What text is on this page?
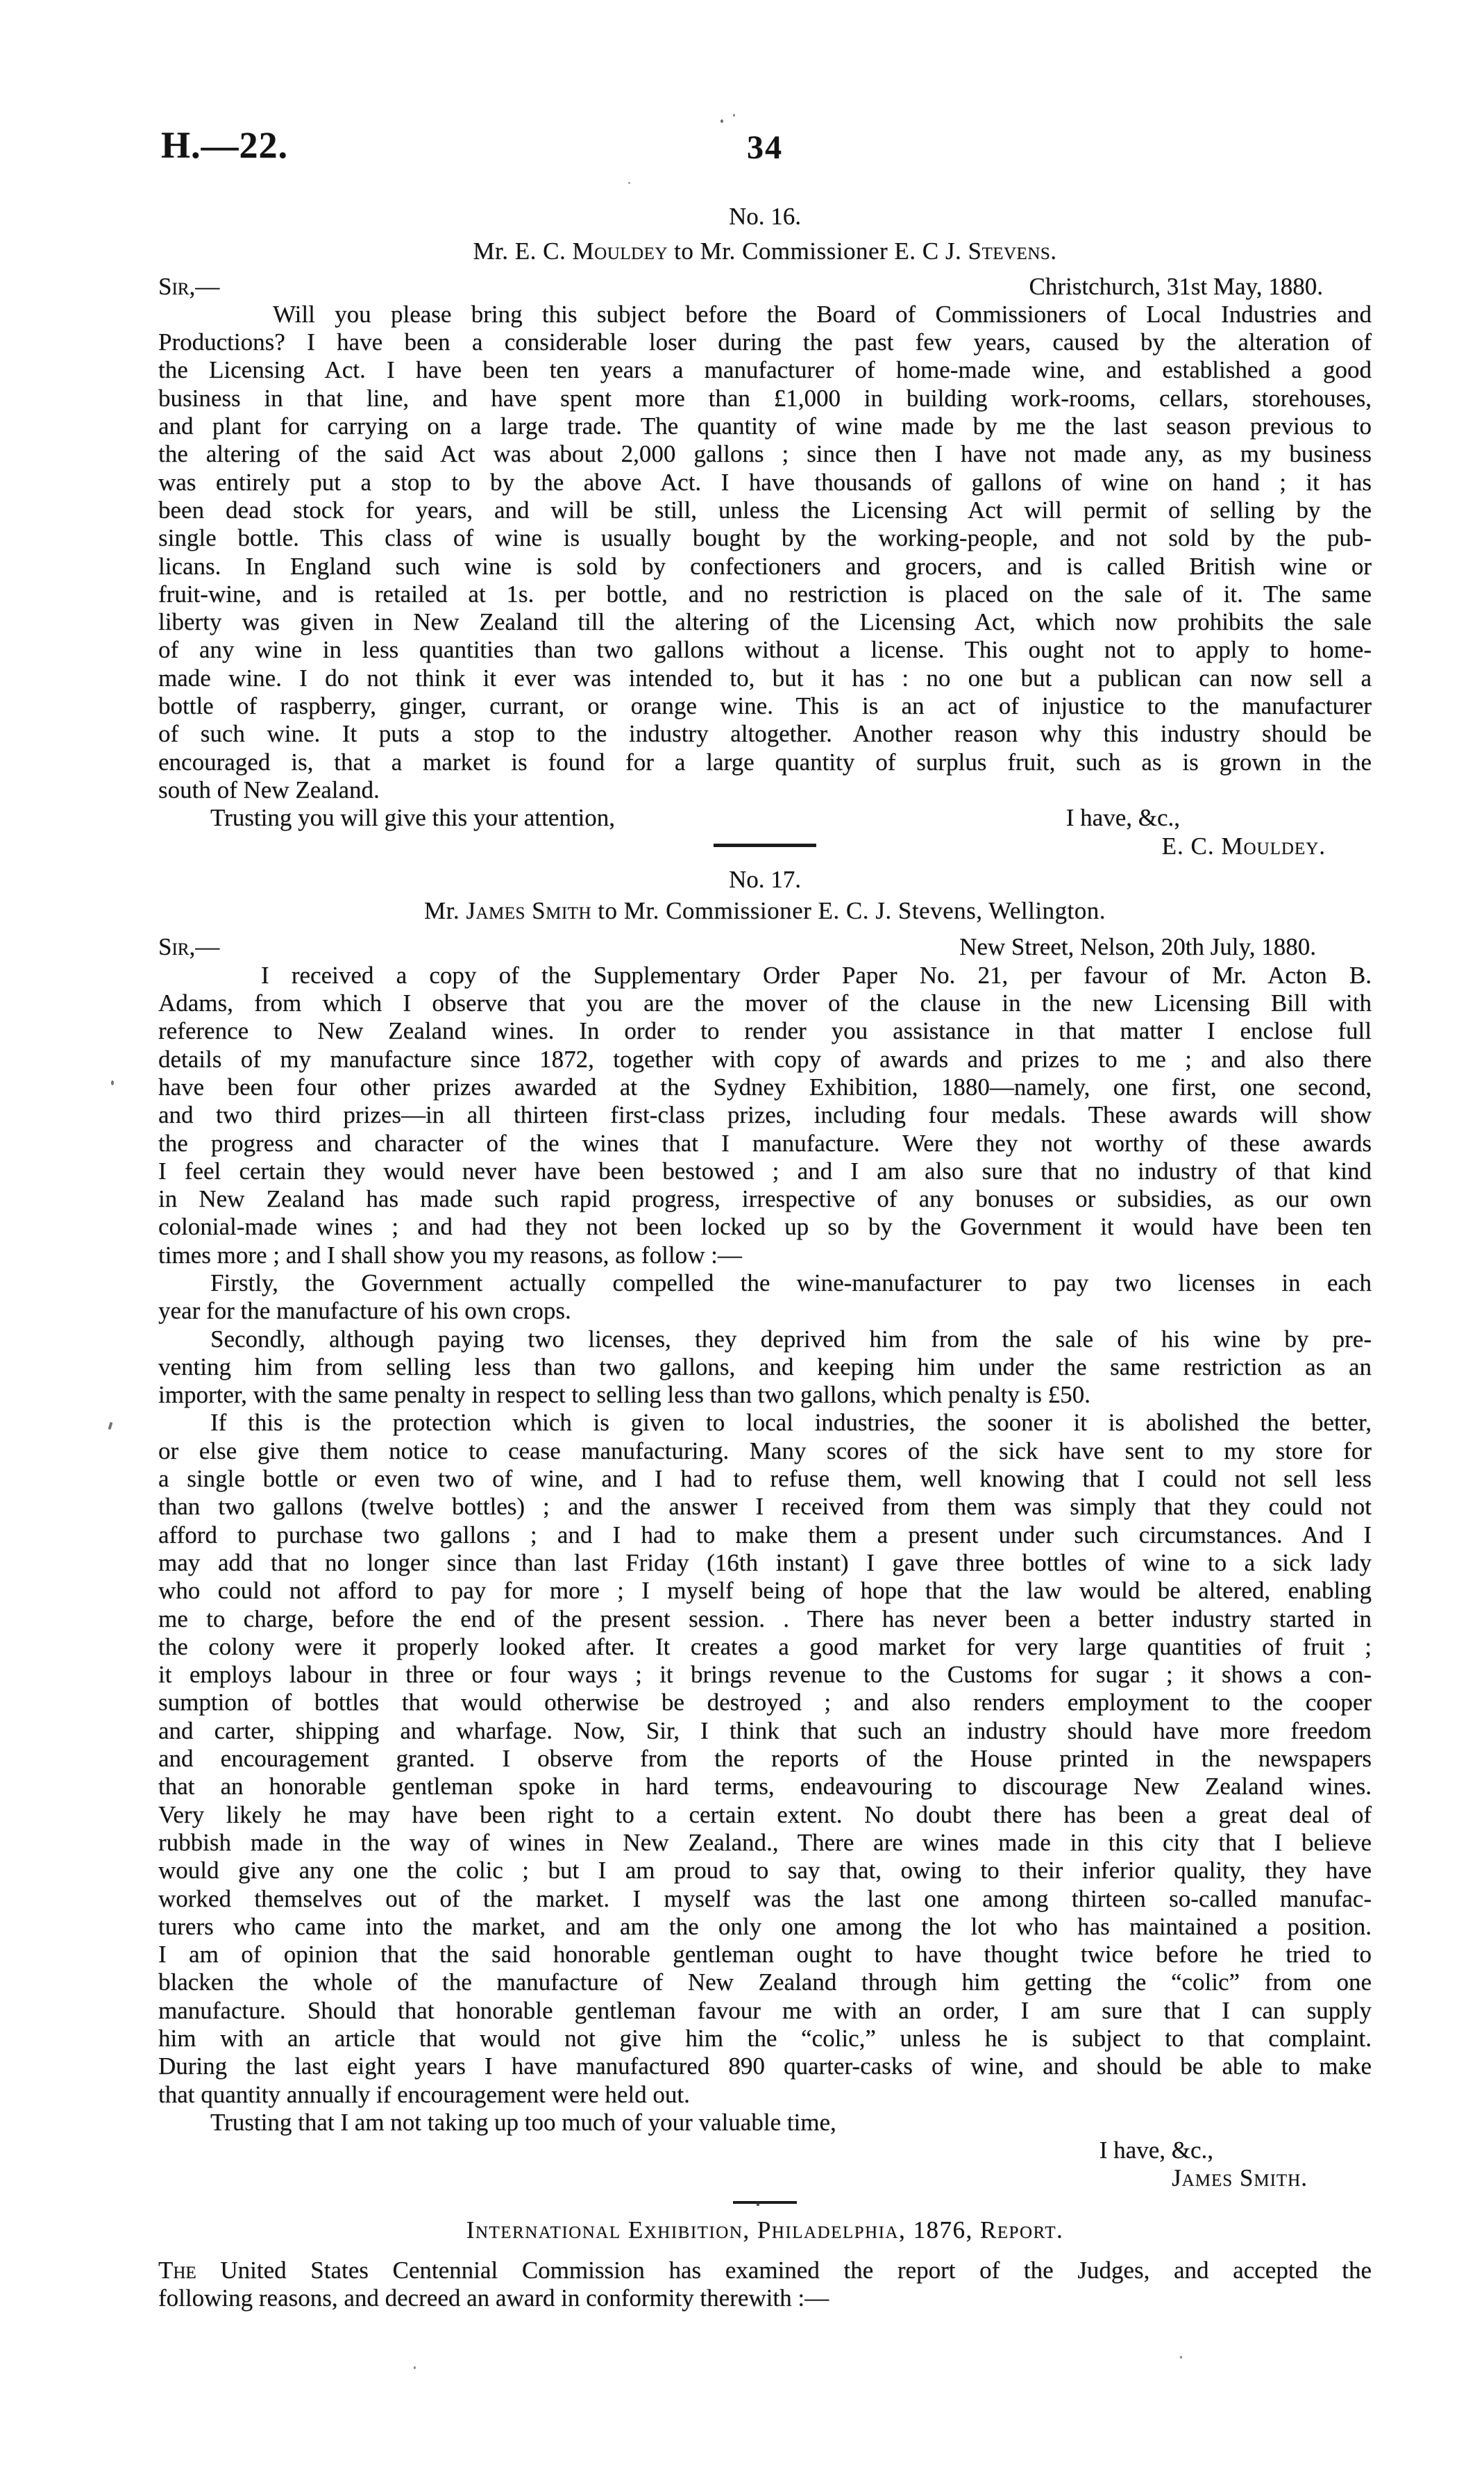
H.—22.	34
No. 16.
Mr. E. C. Mouldey to Mr. Commissioner E. C J. Stevens.
Sir,—	Christchurch, 31st May, 1880.
Will you please bring this subject before the Board of Commissioners of Local Industries and
Productions? I have been a considerable loser during the past few years, caused by the alteration of
the Licensing Act. I have been ten years a manufacturer of home-made wine, and established a good
business in that line, and have spent more than £1,000 in building work-rooms, cellars, storehouses,
and plant for carrying on a large trade. The quantity of wine made by me the last season previous to
the altering of the said Act was about 2,000 gallons ; since then I have not made any, as my business
was entirely put a stop to by the above Act. I have thousands of gallons of wine on hand ; it has
been dead stock for years, and will be still, unless the Licensing Act will permit of selling by the
single bottle. This class of wine is usually bought by the working-people, and not sold by the pub-
licans. In England such wine is sold by confectioners and grocers, and is called British wine or
fruit-wine, and is retailed at 1s. per bottle, and no restriction is placed on the sale of it. The same
liberty was given in New Zealand till the altering of the Licensing Act, which now prohibits the sale
of any wine in less quantities than two gallons without a license. This ought not to apply to home-
made wine. I do not think it ever was intended to, but it has : no one but a publican can now sell a
bottle of raspberry, ginger, currant, or orange wine. This is an act of injustice to the manufacturer
of such wine. It puts a stop to the industry altogether. Another reason why this industry should be
encouraged is, that a market is found for a large quantity of surplus fruit, such as is grown in the
south of New Zealand.
Trusting you will give this your attention,	I have, &c.,
E. C. Mouldey.
No. 17.
Mr. James Smith to Mr. Commissioner E. C. J. Stevens, Wellington.
Sir,—	New Street, Nelson, 20th July, 1880.
I received a copy of the Supplementary Order Paper No. 21, per favour of Mr. Acton B.
Adams, from which I observe that you are the mover of the clause in the new Licensing Bill with
reference to New Zealand wines. In order to render you assistance in that matter I enclose full
details of my manufacture since 1872, together with copy of awards and prizes to me ; and also there
have been four other prizes awarded at the Sydney Exhibition, 1880—namely, one first, one second,
and two third prizes—in all thirteen first-class prizes, including four medals. These awards will show
the progress and character of the wines that I manufacture. Were they not worthy of these awards
I feel certain they would never have been bestowed ; and I am also sure that no industry of that kind
in New Zealand has made such rapid progress, irrespective of any bonuses or subsidies, as our own
colonial-made wines ; and had they not been locked up so by the Government it would have been ten
times more ; and I shall show you my reasons, as follow :—
Firstly, the Government actually compelled the wine-manufacturer to pay two licenses in each
year for the manufacture of his own crops.
Secondly, although paying two licenses, they deprived him from the sale of his wine by pre-
venting him from selling less than two gallons, and keeping him under the same restriction as an
importer, with the same penalty in respect to selling less than two gallons, which penalty is £50.
If this is the protection which is given to local industries, the sooner it is abolished the better,
or else give them notice to cease manufacturing. Many scores of the sick have sent to my store for
a single bottle or even two of wine, and I had to refuse them, well knowing that I could not sell less
than two gallons (twelve bottles) ; and the answer I received from them was simply that they could not
afford to purchase two gallons ; and I had to make them a present under such circumstances. And I
may add that no longer since than last Friday (16th instant) I gave three bottles of wine to a sick lady
who could not afford to pay for more ; I myself being of hope that the law would be altered, enabling
me to charge, before the end of the present session. . There has never been a better industry started in
the colony were it properly looked after. It creates a good market for very large quantities of fruit ;
it employs labour in three or four ways ; it brings revenue to the Customs for sugar ; it shows a con-
sumption of bottles that would otherwise be destroyed ; and also renders employment to the cooper
and carter, shipping and wharfage. Now, Sir, I think that such an industry should have more freedom
and encouragement granted. I observe from the reports of the House printed in the newspapers
that an honorable gentleman spoke in hard terms, endeavouring to discourage New Zealand wines.
Very likely he may have been right to a certain extent. No doubt there has been a great deal of
rubbish made in the way of wines in New Zealand., There are wines made in this city that I believe
would give any one the colic ; but I am proud to say that, owing to their inferior quality, they have
worked themselves out of the market. I myself was the last one among thirteen so-called manufac-
turers who came into the market, and am the only one among the lot who has maintained a position.
I am of opinion that the said honorable gentleman ought to have thought twice before he tried to
blacken the whole of the manufacture of New Zealand through him getting the “colic” from one
manufacture. Should that honorable gentleman favour me with an order, I am sure that I can supply
him with an article that would not give him the “colic,” unless he is subject to that complaint.
During the last eight years I have manufactured 890 quarter-casks of wine, and should be able to make
that quantity annually if encouragement were held out.
Trusting that I am not taking up too much of your valuable time,
I have, &c.,
James Smith.
International Exhibition, Philadelphia, 1876, Report.
The United States Centennial Commission has examined the report of the Judges, and accepted the
following reasons, and decreed an award in conformity therewith :—
